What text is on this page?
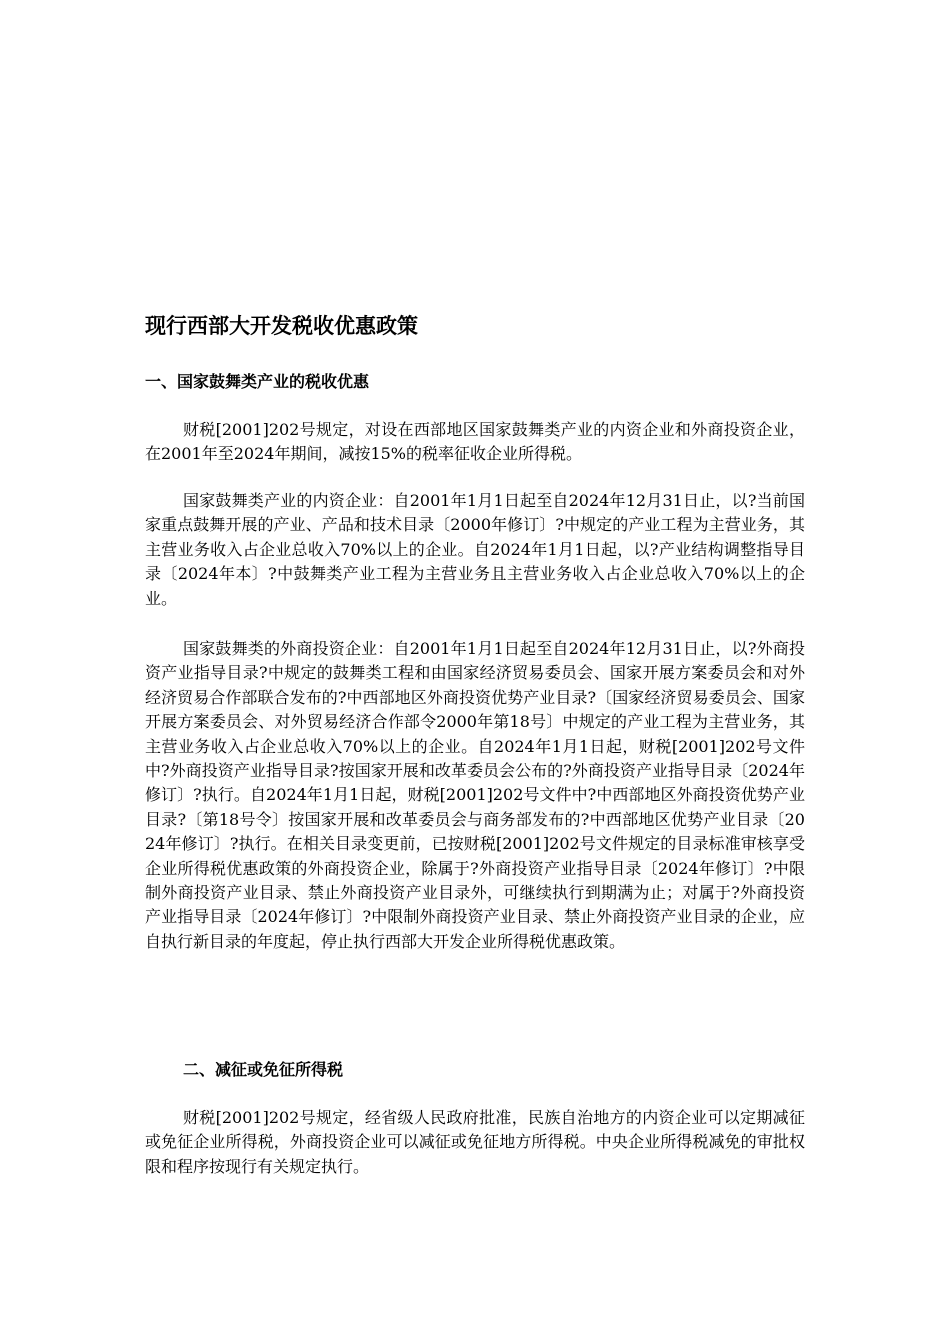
现行西部大开发税收优惠政策
一、国家鼓舞类产业的税收优惠

财税[2001]202号规定，对设在西部地区国家鼓舞类产业的内资企业和外商投资企业，在2001年至2024年期间，减按15%的税率征收企业所得税。

国家鼓舞类产业的内资企业：自2001年1月1日起至自2024年12月31日止，以?当前国家重点鼓舞开展的产业、产品和技术目录〔2000年修订〕?中规定的产业工程为主营业务，其主营业务收入占企业总收入70%以上的企业。自2024年1月1日起，以?产业结构调整指导目录〔2024年本〕?中鼓舞类产业工程为主营业务且主营业务收入占企业总收入70%以上的企业。

国家鼓舞类的外商投资企业：自2001年1月1日起至自2024年12月31日止，以?外商投资产业指导目录?中规定的鼓舞类工程和由国家经济贸易委员会、国家开展方案委员会和对外经济贸易合作部联合发布的?中西部地区外商投资优势产业目录?〔国家经济贸易委员会、国家开展方案委员会、对外贸易经济合作部令2000年第18号〕中规定的产业工程为主营业务，其主营业务收入占企业总收入70%以上的企业。自2024年1月1日起，财税[2001]202号文件中?外商投资产业指导目录?按国家开展和改革委员会公布的?外商投资产业指导目录〔2024年修订〕?执行。自2024年1月1日起，财税[2001]202号文件中?中西部地区外商投资优势产业目录?〔第18号令〕按国家开展和改革委员会与商务部发布的?中西部地区优势产业目录〔2024年修订〕?执行。在相关目录变更前，已按财税[2001]202号文件规定的目录标准审核享受企业所得税优惠政策的外商投资企业，除属于?外商投资产业指导目录〔2024年修订〕?中限制外商投资产业目录、禁止外商投资产业目录外，可继续执行到期满为止；对属于?外商投资产业指导目录〔2024年修订〕?中限制外商投资产业目录、禁止外商投资产业目录的企业，应自执行新目录的年度起，停止执行西部大开发企业所得税优惠政策。

二、减征或免征所得税

财税[2001]202号规定，经省级人民政府批准，民族自治地方的内资企业可以定期减征或免征企业所得税，外商投资企业可以减征或免征地方所得税。中央企业所得税减免的审批权限和程序按现行有关规定执行。
